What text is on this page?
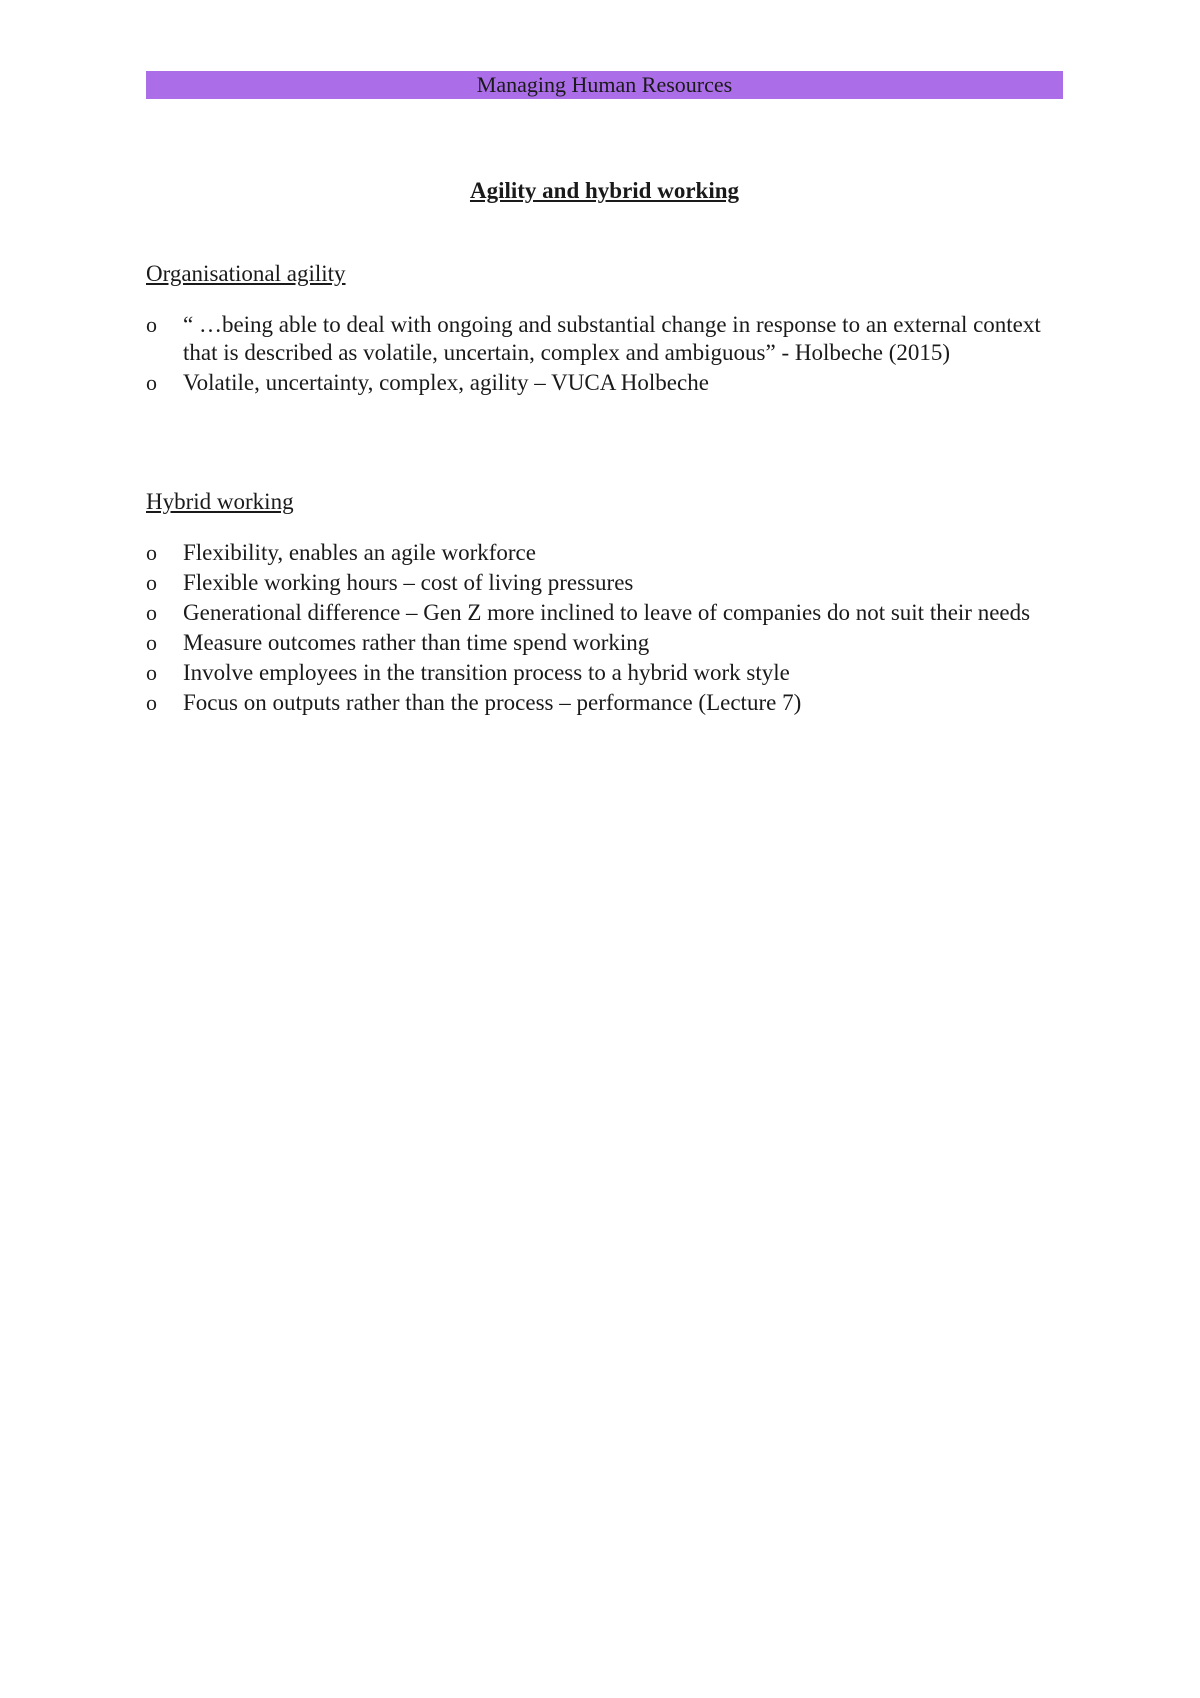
Managing Human Resources
Agility and hybrid working

Organisational agility

o	“ …being able to deal with ongoing and substantial change in response to an external context that is described as volatile, uncertain, complex and ambiguous” - Holbeche (2015)
o	Volatile, uncertainty, complex, agility – VUCA Holbeche

Hybrid working

o	Flexibility, enables an agile workforce
o	Flexible working hours – cost of living pressures
o	Generational difference – Gen Z more inclined to leave of companies do not suit their needs
o	Measure outcomes rather than time spend working
o	Involve employees in the transition process to a hybrid work style
o	Focus on outputs rather than the process – performance (Lecture 7)
